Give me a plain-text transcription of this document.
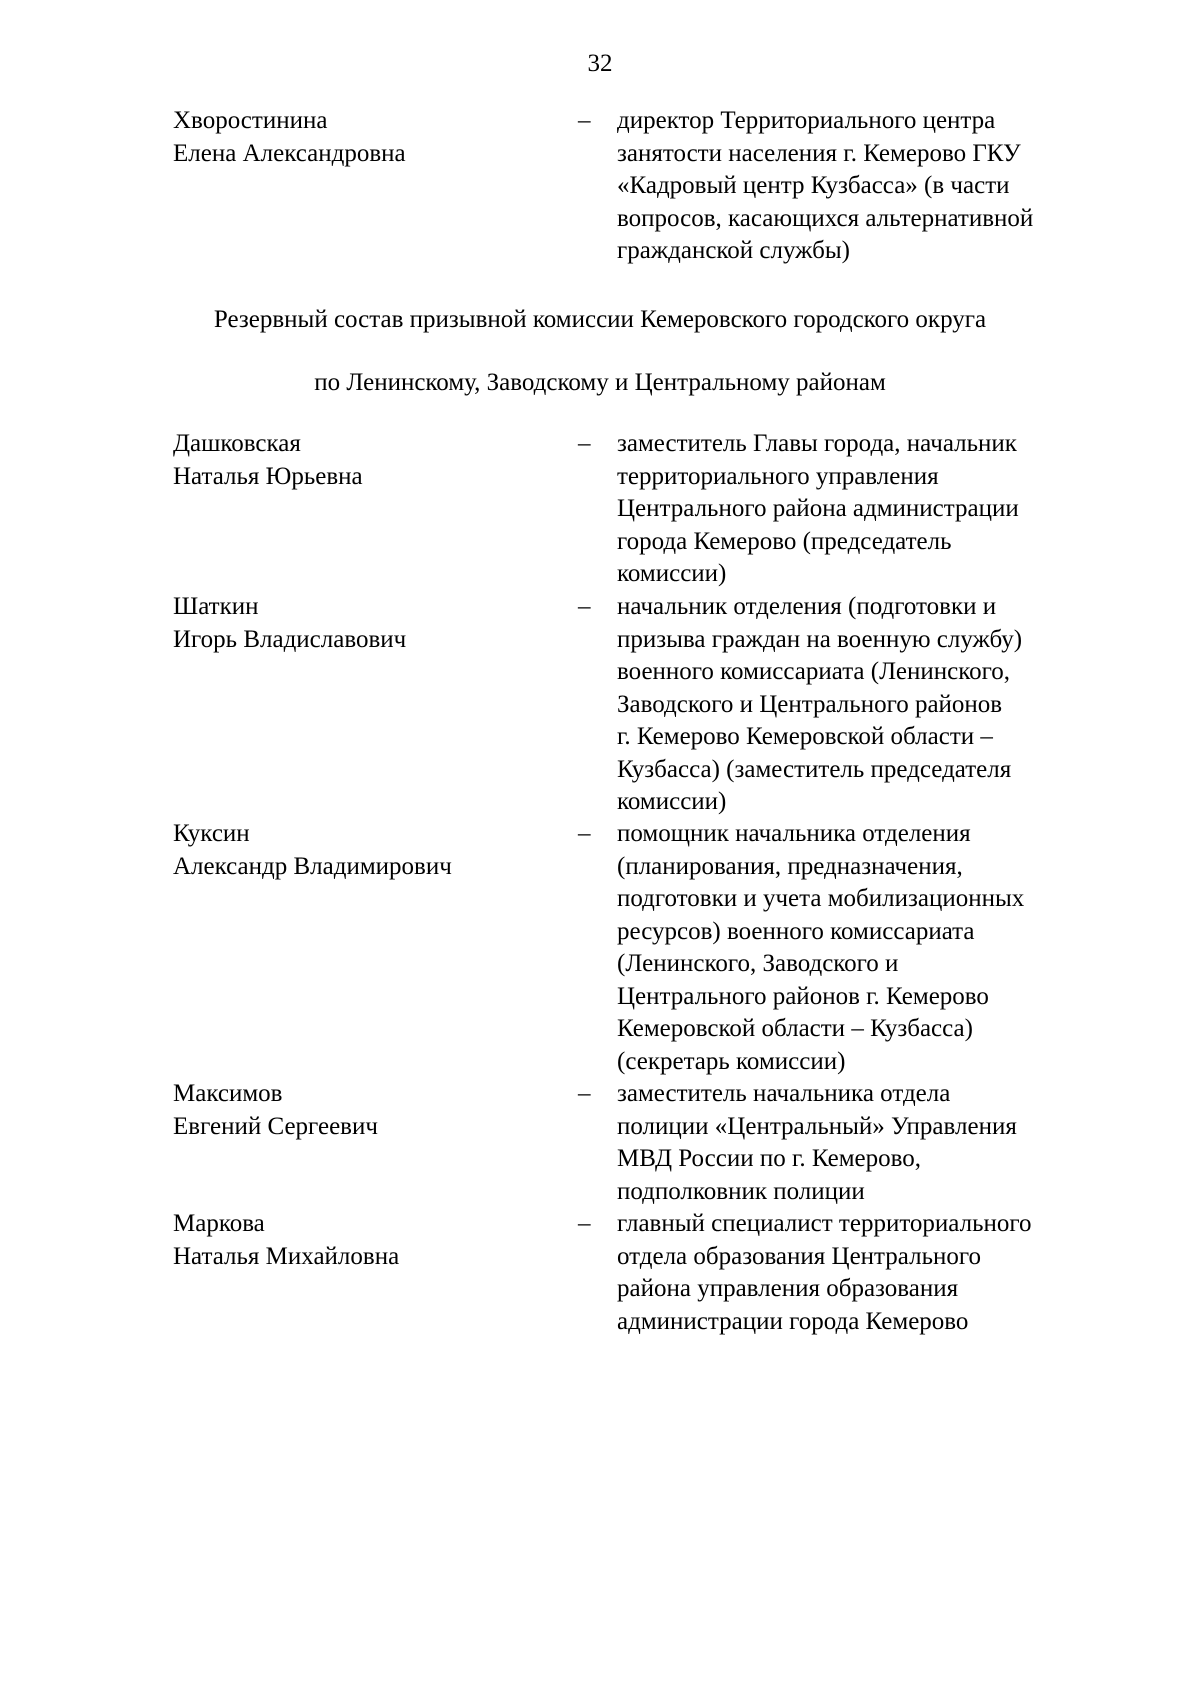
32
Хворостинина
Елена Александровна
– директор Территориального центра
занятости населения г. Кемерово ГКУ
«Кадровый центр Кузбасса» (в части
вопросов, касающихся альтернативной
гражданской службы)
Резервный состав призывной комиссии Кемеровского городского округа
по Ленинскому, Заводскому и Центральному районам
Дашковская
Наталья Юрьевна
– заместитель Главы города, начальник
территориального управления
Центрального района администрации
города Кемерово (председатель
комиссии)
Шаткин
Игорь Владиславович
– начальник отделения (подготовки и
призыва граждан на военную службу)
военного комиссариата (Ленинского,
Заводского и Центрального районов
г. Кемерово Кемеровской области –
Кузбасса) (заместитель председателя
комиссии)
Куксин
Александр Владимирович
– помощник начальника отделения
(планирования, предназначения,
подготовки и учета мобилизационных
ресурсов) военного комиссариата
(Ленинского, Заводского и
Центрального районов г. Кемерово
Кемеровской области – Кузбасса)
(секретарь комиссии)
Максимов
Евгений Сергеевич
– заместитель начальника отдела
полиции «Центральный» Управления
МВД России по г. Кемерово,
подполковник полиции
Маркова
Наталья Михайловна
– главный специалист территориального
отдела образования Центрального
района управления образования
администрации города Кемерово
